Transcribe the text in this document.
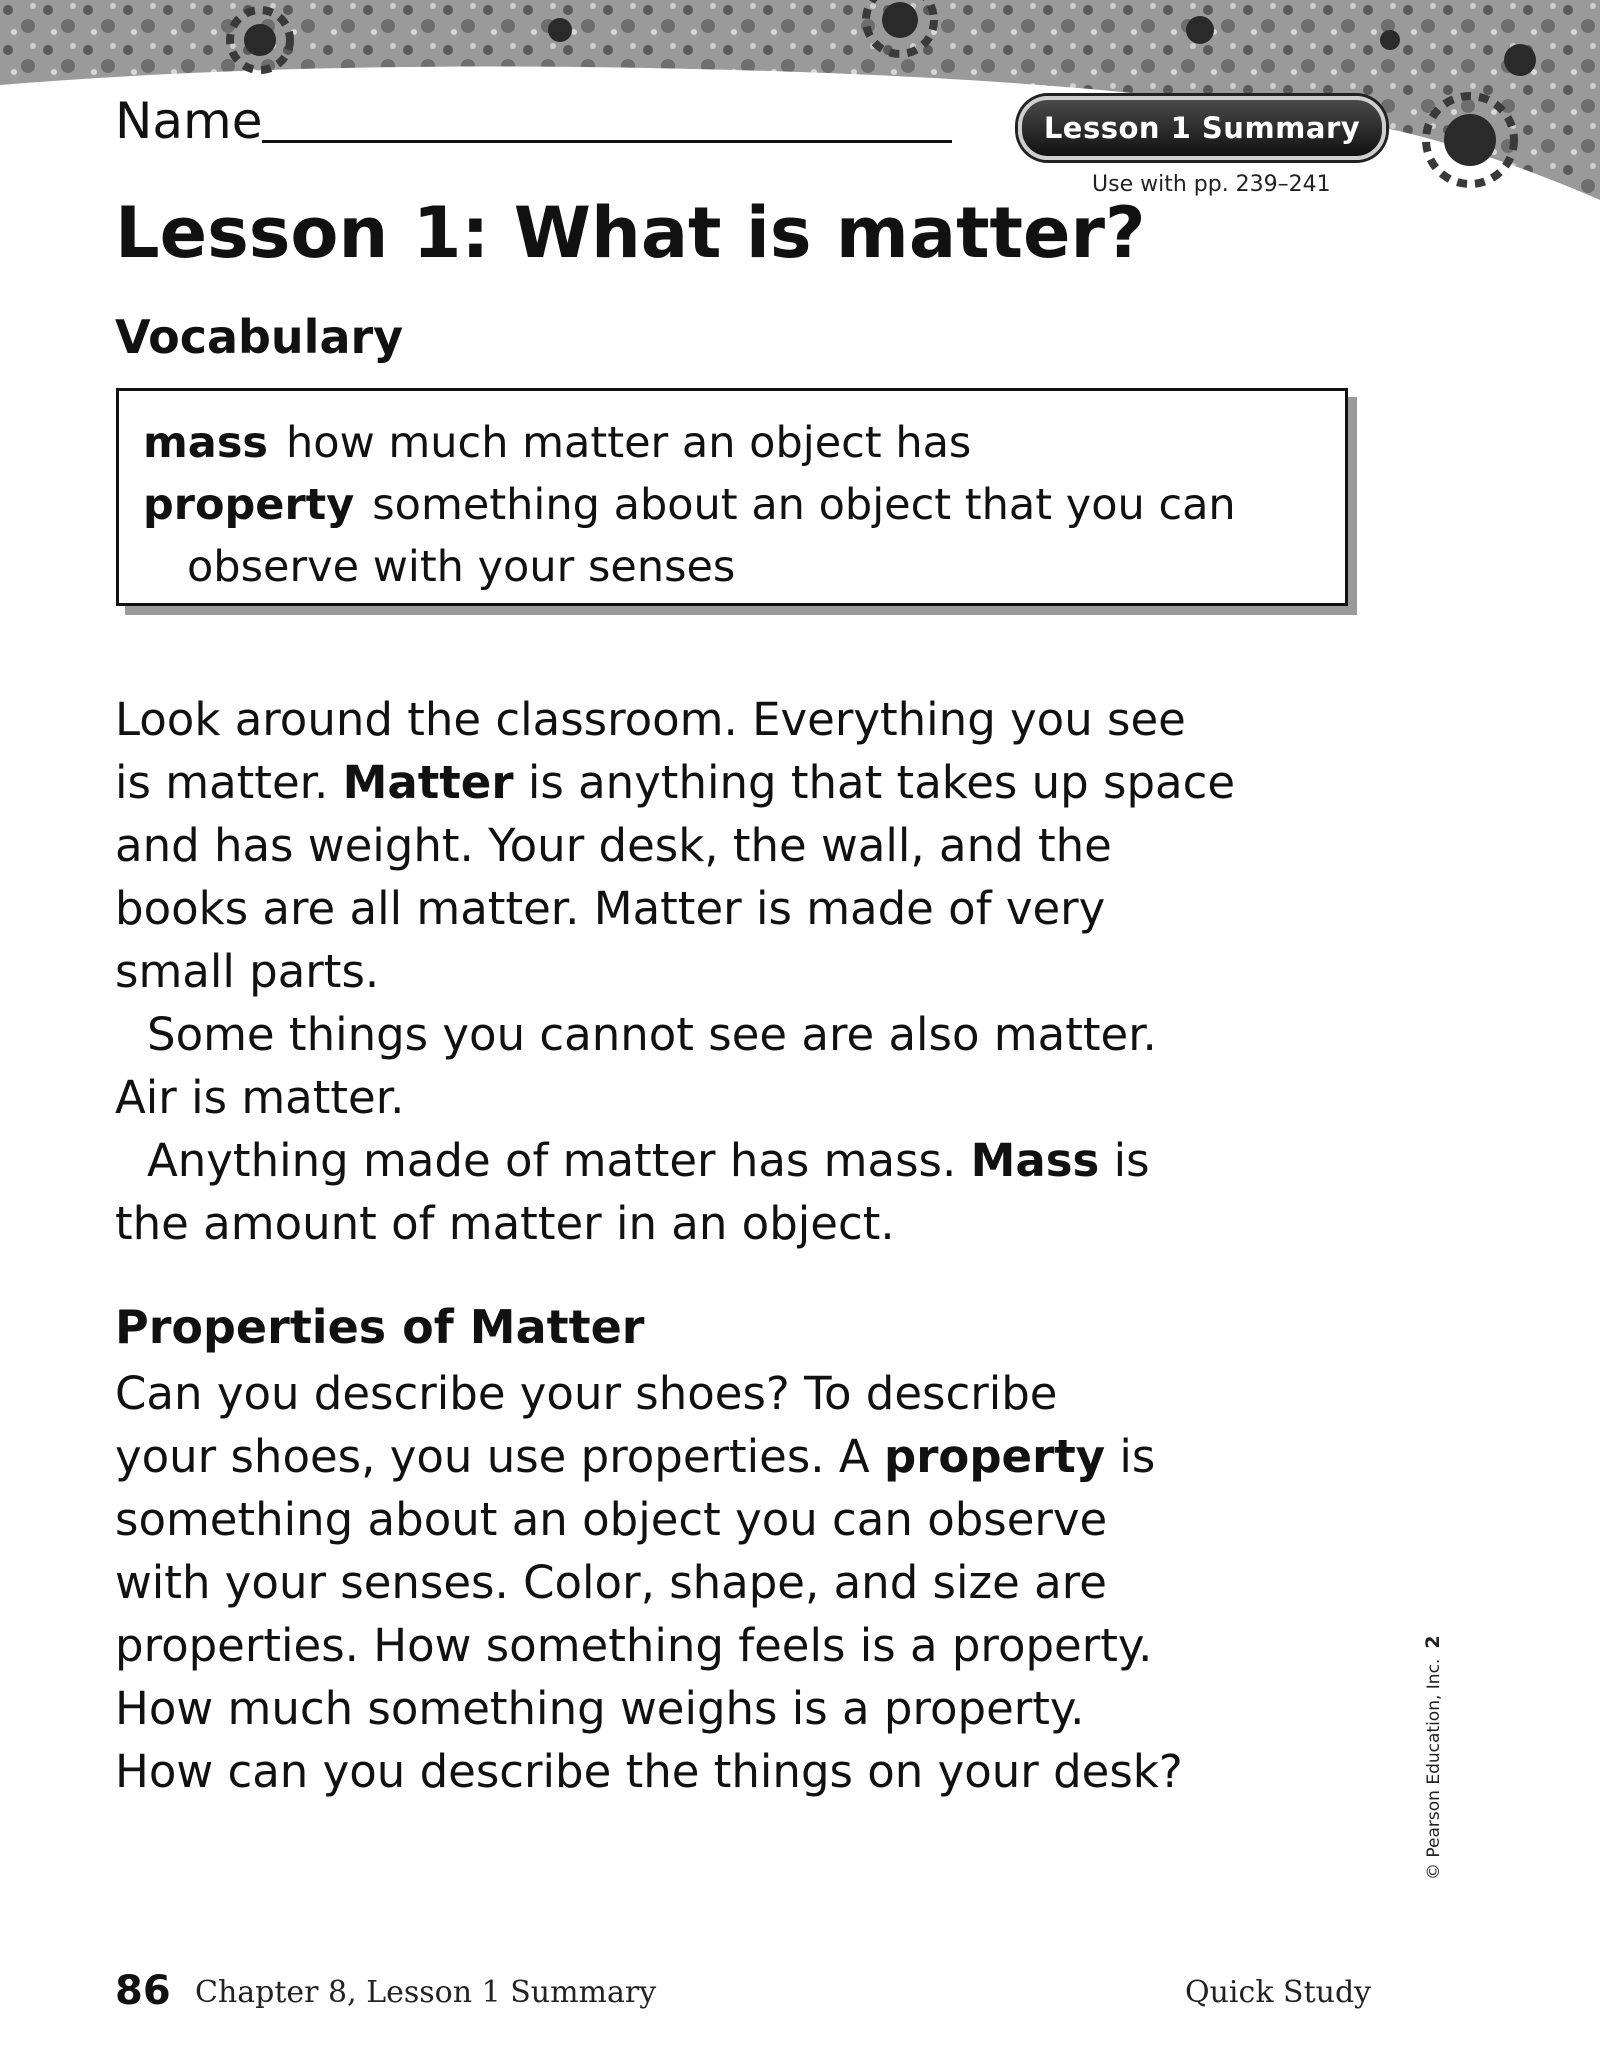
Name	Lesson 1 Summary
Use with pp. 239–241
Lesson 1: What is matter?
Vocabulary
mass how much matter an object has
property something about an object that you can
observe with your senses
Look around the classroom. Everything you see
is matter. Matter is anything that takes up space
and has weight. Your desk, the wall, and the
books are all matter. Matter is made of very
small parts.
Some things you cannot see are also matter.
Air is matter.
Anything made of matter has mass. Mass is
the amount of matter in an object.
Properties of Matter
Can you describe your shoes? To describe
your shoes, you use properties. A property is
something about an object you can observe
with your senses. Color, shape, and size are
properties. How something feels is a property.
How much something weighs is a property.
How can you describe the things on your desk?	© Pearson Education, Inc.2
86 Chapter 8, Lesson 1 Summary	Quick Study
